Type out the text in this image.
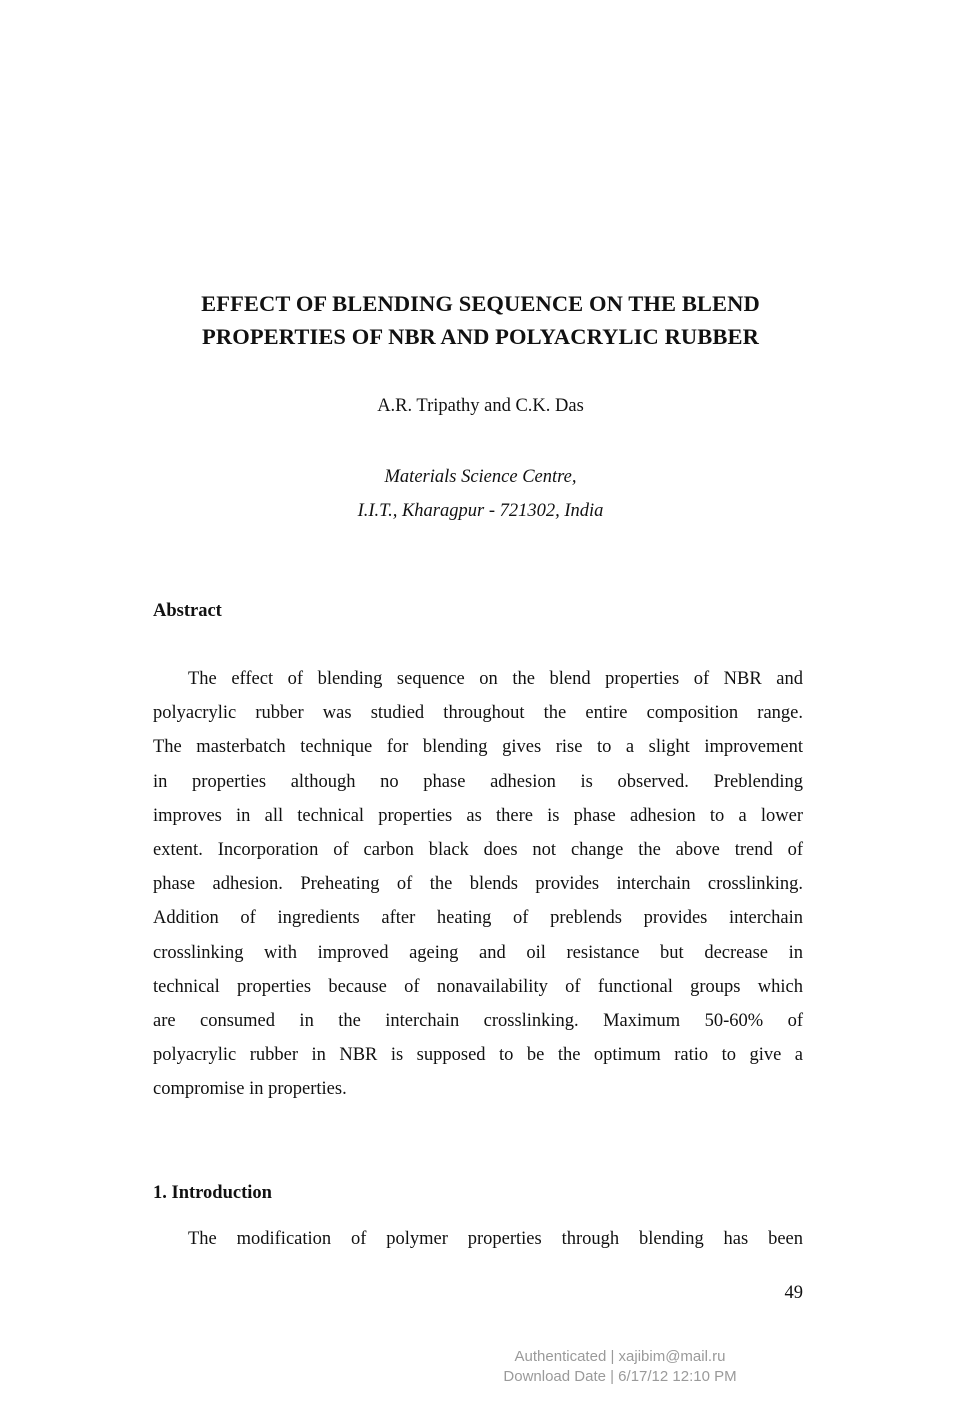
EFFECT OF BLENDING SEQUENCE ON THE BLEND
PROPERTIES OF NBR AND POLYACRYLIC RUBBER
A.R. Tripathy and C.K. Das
Materials Science Centre,
I.I.T., Kharagpur - 721302, India
Abstract
The effect of blending sequence on the blend properties of NBR and
polyacrylic rubber was studied throughout the entire composition range.
The masterbatch technique for blending gives rise to a slight improvement
in properties although no phase adhesion is observed. Preblending
improves in all technical properties as there is phase adhesion to a lower
extent. Incorporation of carbon black does not change the above trend of
phase adhesion. Preheating of the blends provides interchain crosslinking.
Addition of ingredients after heating of preblends provides interchain
crosslinking with improved ageing and oil resistance but decrease in
technical properties because of nonavailability of functional groups which
are consumed in the interchain crosslinking. Maximum 50-60% of
polyacrylic rubber in NBR is supposed to be the optimum ratio to give a
compromise in properties.
1. Introduction
The modification of polymer properties through blending has been
49
Authenticated | xajibim@mail.ru
Download Date | 6/17/12 12:10 PM
